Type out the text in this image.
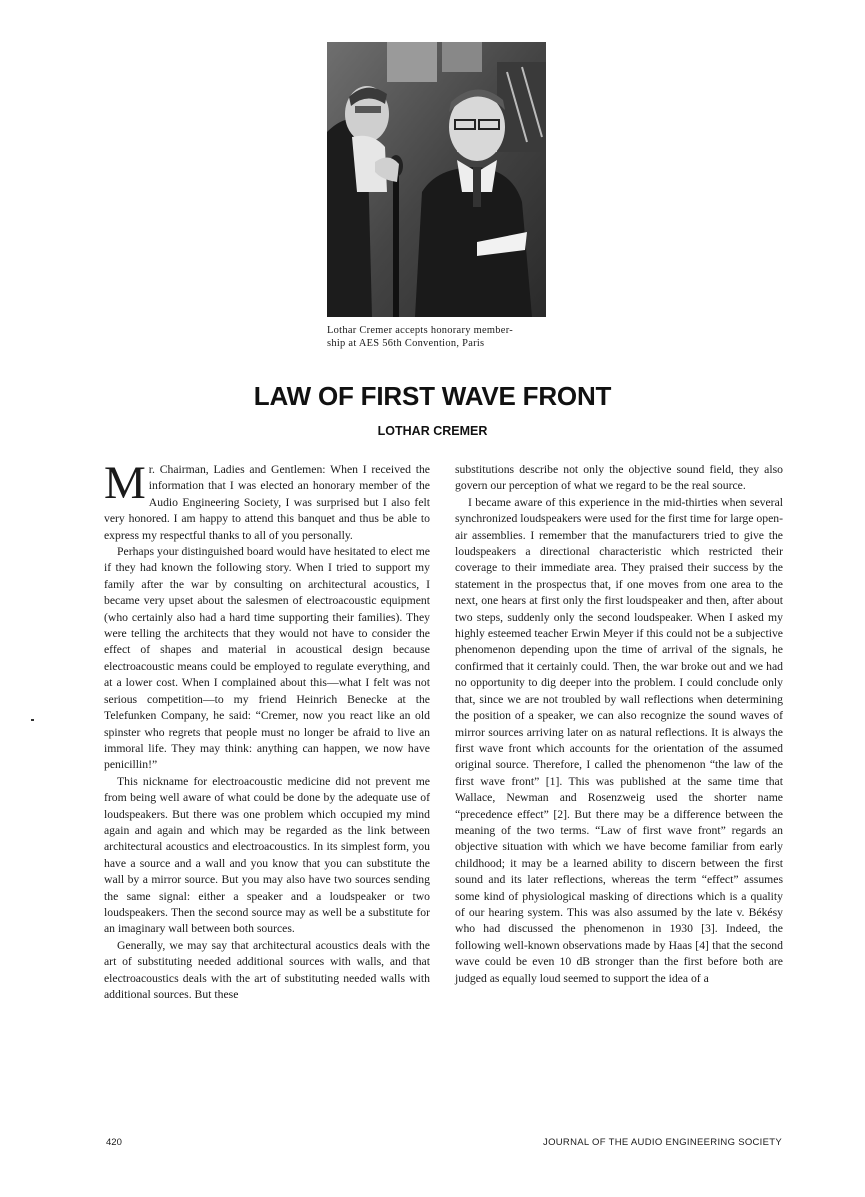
Lothar Cremer accepts honorary member-
ship at AES 56th Convention, Paris
LAW OF FIRST WAVE FRONT
LOTHAR CREMER

Mr. Chairman, Ladies and Gentlemen: When I received the information that I was elected an honorary member of the Audio Engineering Society, I was surprised but I also felt very honored. I am happy to attend this banquet and thus be able to express my respectful thanks to all of you personally.

Perhaps your distinguished board would have hesitated to elect me if they had known the following story. When I tried to support my family after the war by consulting on architectural acoustics, I became very upset about the salesmen of electroacoustic equipment (who certainly also had a hard time supporting their families). They were telling the architects that they would not have to consider the effect of shapes and material in acoustical design because electroacoustic means could be employed to regulate everything, and at a lower cost. When I complained about this—what I felt was not serious competition—to my friend Heinrich Benecke at the Telefunken Company, he said: “Cremer, now you react like an old spinster who regrets that people must no longer be afraid to live an immoral life. They may think: anything can happen, we now have penicillin!”

This nickname for electroacoustic medicine did not prevent me from being well aware of what could be done by the adequate use of loudspeakers. But there was one problem which occupied my mind again and again and which may be regarded as the link between architectural acoustics and electroacoustics. In its simplest form, you have a source and a wall and you know that you can substitute the wall by a mirror source. But you may also have two sources sending the same signal: either a speaker and a loudspeaker or two loudspeakers. Then the second source may as well be a substitute for an imaginary wall between both sources.

Generally, we may say that architectural acoustics deals with the art of substituting needed additional sources with walls, and that electroacoustics deals with the art of substituting needed walls with additional sources. But these

substitutions describe not only the objective sound field, they also govern our perception of what we regard to be the real source.

I became aware of this experience in the mid-thirties when several synchronized loudspeakers were used for the first time for large open-air assemblies. I remember that the manufacturers tried to give the loudspeakers a directional characteristic which restricted their coverage to their immediate area. They praised their success by the statement in the prospectus that, if one moves from one area to the next, one hears at first only the first loudspeaker and then, after about two steps, suddenly only the second loudspeaker. When I asked my highly esteemed teacher Erwin Meyer if this could not be a subjective phenomenon depending upon the time of arrival of the signals, he confirmed that it certainly could. Then, the war broke out and we had no opportunity to dig deeper into the problem. I could conclude only that, since we are not troubled by wall reflections when determining the position of a speaker, we can also recognize the sound waves of mirror sources arriving later on as natural reflections. It is always the first wave front which accounts for the orientation of the assumed original source. Therefore, I called the phenomenon “the law of the first wave front” [1]. This was published at the same time that Wallace, Newman and Rosenzweig used the shorter name “precedence effect” [2]. But there may be a difference between the meaning of the two terms. “Law of first wave front” regards an objective situation with which we have become familiar from early childhood; it may be a learned ability to discern between the first sound and its later reflections, whereas the term “effect” assumes some kind of physiological masking of directions which is a quality of our hearing system. This was also assumed by the late v. Békésy who had discussed the phenomenon in 1930 [3]. Indeed, the following well-known observations made by Haas [4] that the second wave could be even 10 dB stronger than the first before both are judged as equally loud seemed to support the idea of a

420	JOURNAL OF THE AUDIO ENGINEERING SOCIETY
